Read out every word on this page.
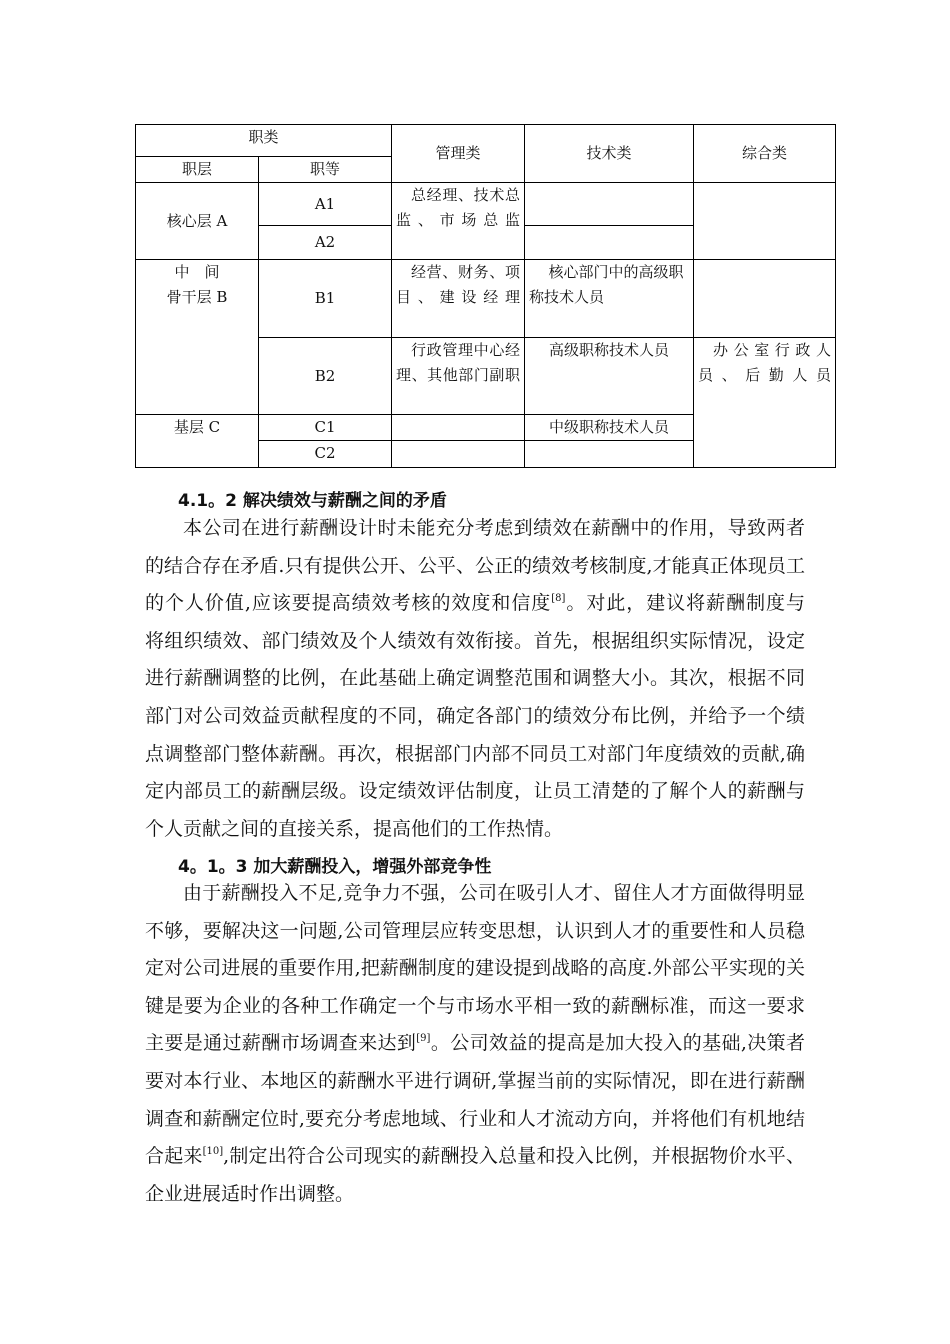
职类		管理类	技术类	综合类
职层	职等			
核心层 A	A1	总经理、技术总监、市场总监		
	A2			

中　间
骨干层 B	B1	经营、财务、项目、建设经理	核心部门中的高级职称技术人员	
	B2	行政管理中心经理、其他部门副职	高级职称技术人员	办公室行政人员、后勤人员
基层 C	C1		中级职称技术人员	
	C2			
4.1。2 解决绩效与薪酬之间的矛盾

本公司在进行薪酬设计时未能充分考虑到绩效在薪酬中的作用，导致两者

的结合存在矛盾.只有提供公开、公平、公正的绩效考核制度,才能真正体现员工

的个人价值,应该要提高绩效考核的效度和信度[8]。对此，建议将薪酬制度与

将组织绩效、部门绩效及个人绩效有效衔接。首先，根据组织实际情况，设定

进行薪酬调整的比例，在此基础上确定调整范围和调整大小。其次，根据不同

部门对公司效益贡献程度的不同，确定各部门的绩效分布比例，并给予一个绩

点调整部门整体薪酬。再次，根据部门内部不同员工对部门年度绩效的贡献,确

定内部员工的薪酬层级。设定绩效评估制度，让员工清楚的了解个人的薪酬与

个人贡献之间的直接关系，提高他们的工作热情。

4。1。3 加大薪酬投入，增强外部竞争性

由于薪酬投入不足,竞争力不强，公司在吸引人才、留住人才方面做得明显

不够，要解决这一问题,公司管理层应转变思想，认识到人才的重要性和人员稳

定对公司进展的重要作用,把薪酬制度的建设提到战略的高度.外部公平实现的关

键是要为企业的各种工作确定一个与市场水平相一致的薪酬标准，而这一要求

主要是通过薪酬市场调查来达到[9]。公司效益的提高是加大投入的基础,决策者

要对本行业、本地区的薪酬水平进行调研,掌握当前的实际情况，即在进行薪酬

调查和薪酬定位时,要充分考虑地域、行业和人才流动方向，并将他们有机地结

合起来[10],制定出符合公司现实的薪酬投入总量和投入比例，并根据物价水平、

企业进展适时作出调整。
